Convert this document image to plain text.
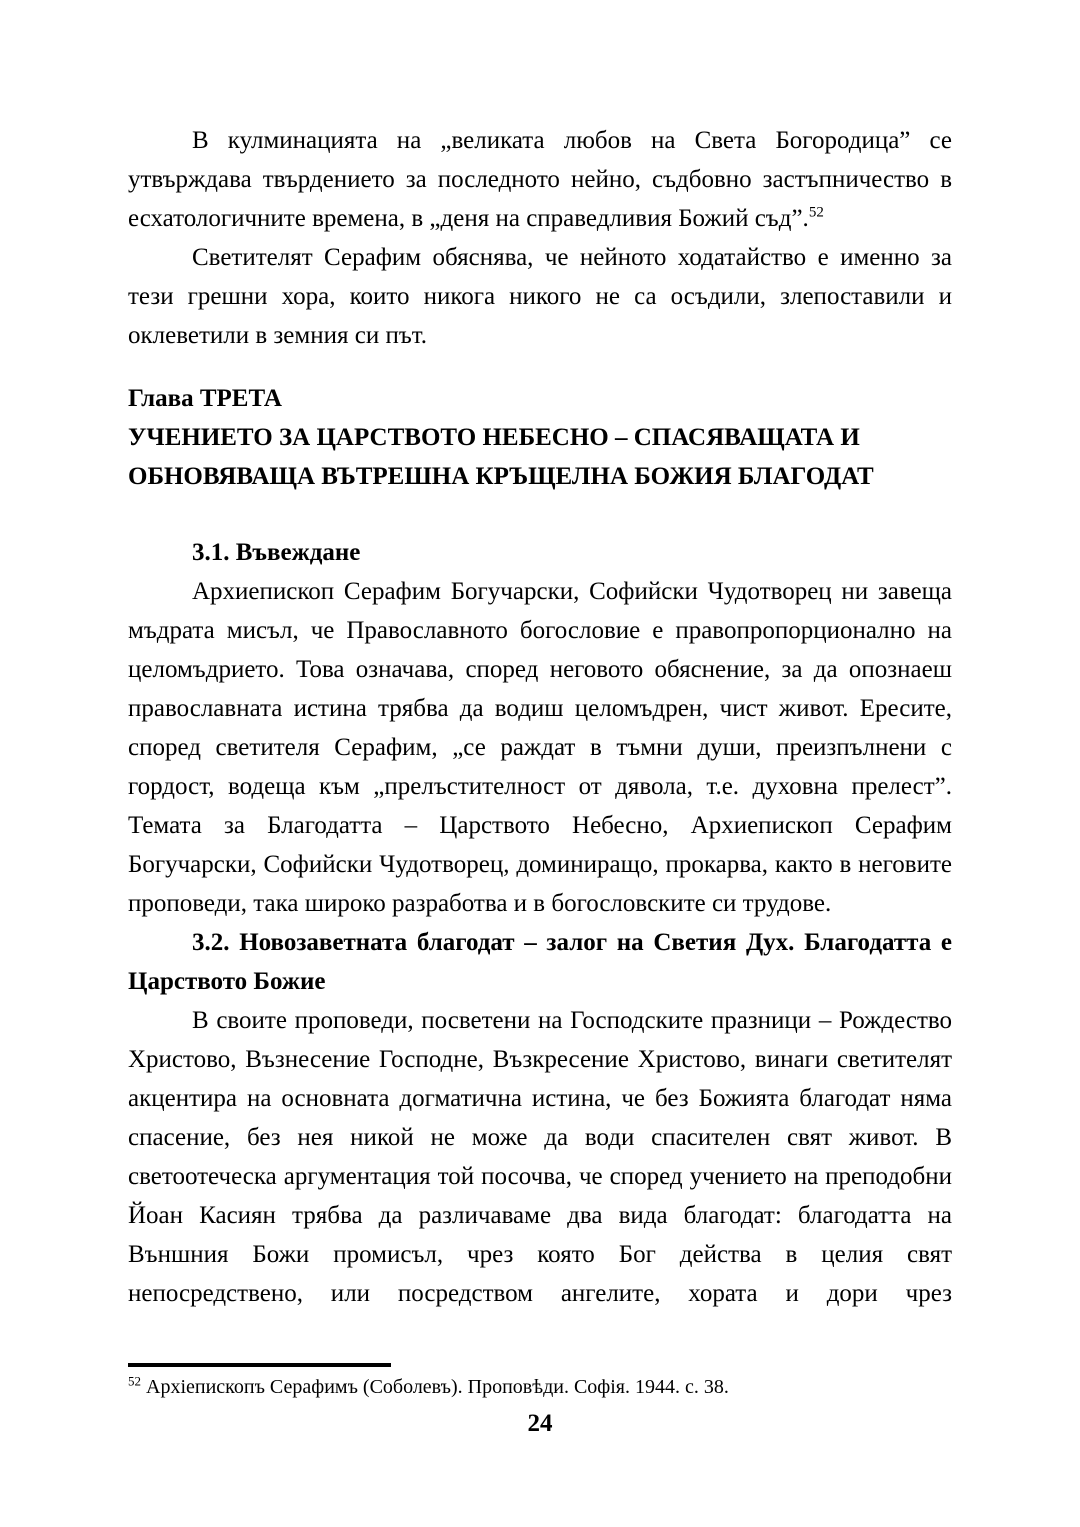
В кулминацията на „великата любов на Света Богородица” се утвърждава твърдението за последното нейно, съдбовно застъпничество в есхатологичните времена, в „деня на справедливия Божий съд”.$^{52}$

Светителят Серафим обяснява, че нейното ходатайство е именно за тези грешни хора, които никога никого не са осъдили, злепоставили и оклеветили в земния си път.

Глава ТРЕТА
УЧЕНИЕТО ЗА ЦАРСТВОТО НЕБЕСНО – СПАСЯВАЩАТА И ОБНОВЯВАЩА ВЪТРЕШНА КРЪЩЕЛНА БОЖИЯ БЛАГОДАТ

3.1. Въвеждане

Архиепископ Серафим Богучарски, Софийски Чудотворец ни завеща мъдрата мисъл, че Православното богословие е правопропорционално на целомъдрието. Това означава, според неговото обяснение, за да опознаеш православната истина трябва да водиш целомъдрен, чист живот. Ересите, според светителя Серафим, „се раждат в тъмни души, преизпълнени с гордост, водеща към „прелъстителност от дявола, т.е. духовна прелест”. Темата за Благодатта – Царството Небесно, Архиепископ Серафим Богучарски, Софийски Чудотворец, доминиращо, прокарва, както в неговите проповеди, така широко разработва и в богословските си трудове.

3.2. Новозаветната благодат – залог на Светия Дух. Благодатта е Царството Божие

В своите проповеди, посветени на Господските празници – Рождество Христово, Възнесение Господне, Възкресение Христово, винаги светителят акцентира на основната догматична истина, че без Божията благодат няма спасение, без нея никой не може да води спасителен свят живот. В светоотеческа аргументация той посочва, че според учението на преподобни Йоан Касиян трябва да различаваме два вида благодат: благодатта на Външния Божи промисъл, чрез която Бог действа в целия свят непосредствено, или посредством ангелите, хората и дори чрез

$^{52}$ Архіепископъ Серафимъ (Соболевъ). Проповѣди. Софія. 1944. с. 38.

24
